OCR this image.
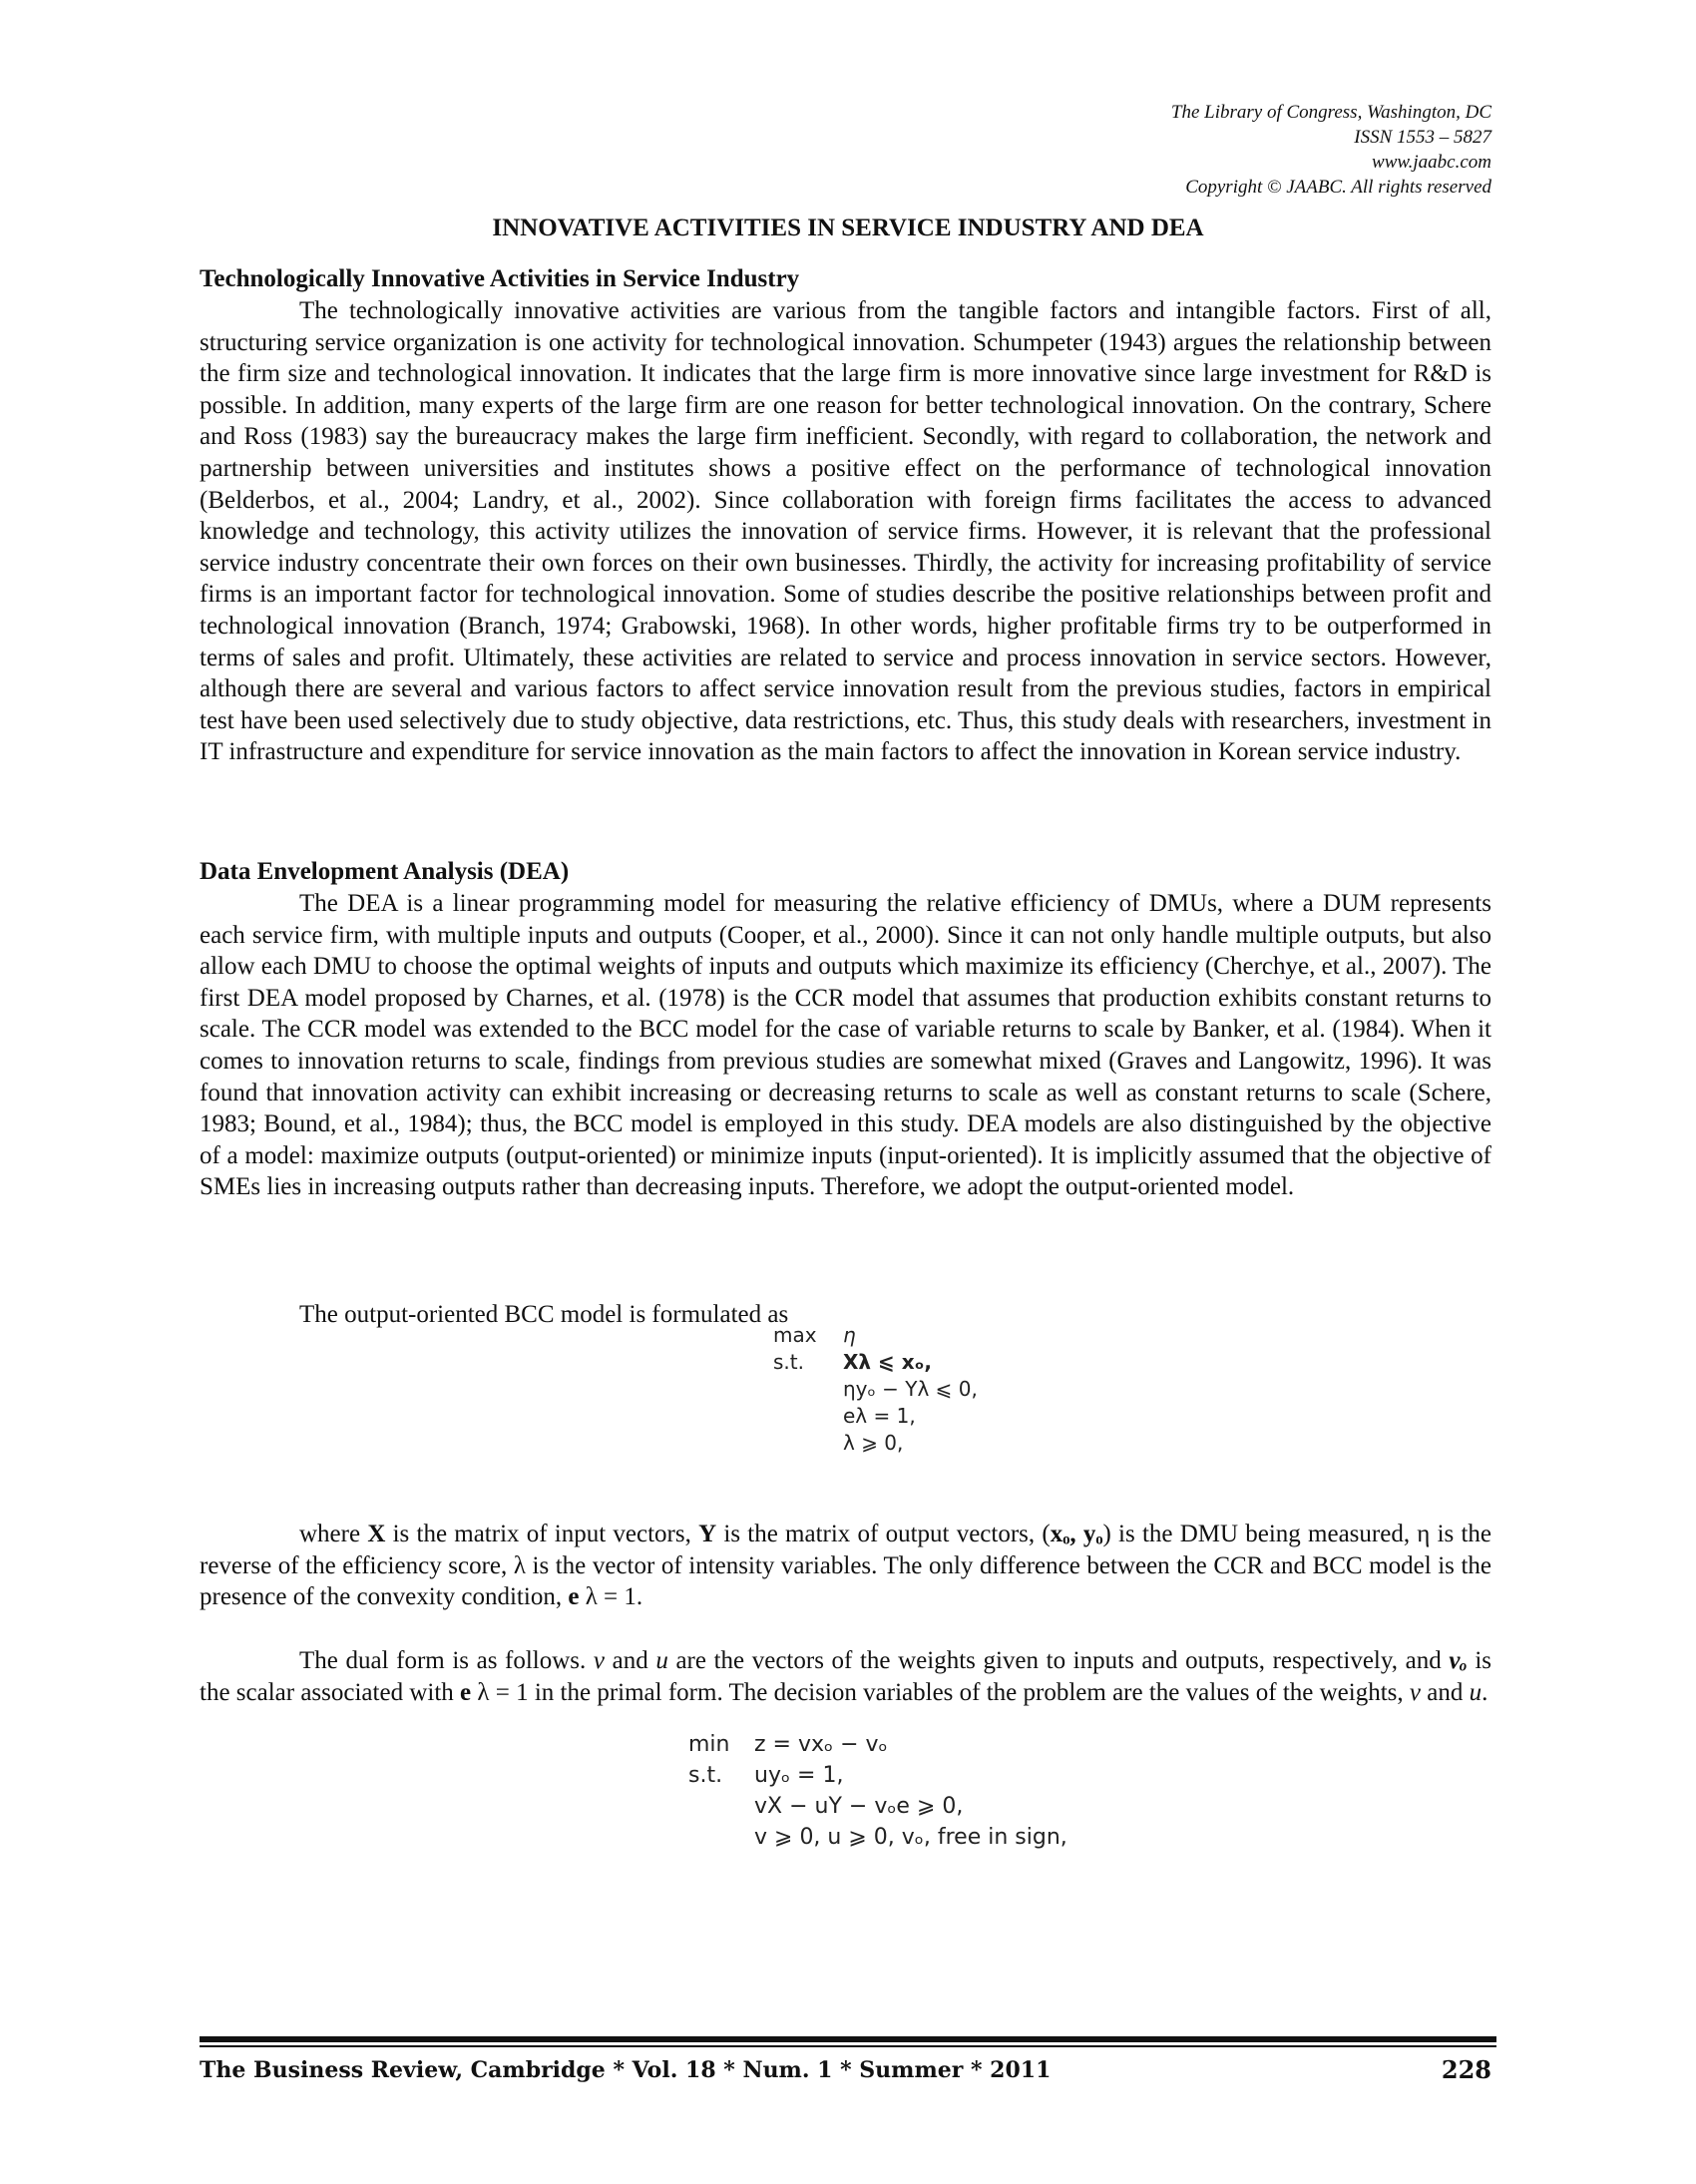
The Library of Congress, Washington, DC
ISSN 1553 – 5827
www.jaabc.com
Copyright © JAABC. All rights reserved
INNOVATIVE ACTIVITIES IN SERVICE INDUSTRY AND DEA
Technologically Innovative Activities in Service Industry

The technologically innovative activities are various from the tangible factors and intangible factors. First of all, structuring service organization is one activity for technological innovation. Schumpeter (1943) argues the relationship between the firm size and technological innovation. It indicates that the large firm is more innovative since large investment for R&D is possible. In addition, many experts of the large firm are one reason for better technological innovation. On the contrary, Schere and Ross (1983) say the bureaucracy makes the large firm inefficient. Secondly, with regard to collaboration, the network and partnership between universities and institutes shows a positive effect on the performance of technological innovation (Belderbos, et al., 2004; Landry, et al., 2002). Since collaboration with foreign firms facilitates the access to advanced knowledge and technology, this activity utilizes the innovation of service firms. However, it is relevant that the professional service industry concentrate their own forces on their own businesses. Thirdly, the activity for increasing profitability of service firms is an important factor for technological innovation. Some of studies describe the positive relationships between profit and technological innovation (Branch, 1974; Grabowski, 1968). In other words, higher profitable firms try to be outperformed in terms of sales and profit. Ultimately, these activities are related to service and process innovation in service sectors. However, although there are several and various factors to affect service innovation result from the previous studies, factors in empirical test have been used selectively due to study objective, data restrictions, etc. Thus, this study deals with researchers, investment in IT infrastructure and expenditure for service innovation as the main factors to affect the innovation in Korean service industry.

Data Envelopment Analysis (DEA)

The DEA is a linear programming model for measuring the relative efficiency of DMUs, where a DUM represents each service firm, with multiple inputs and outputs (Cooper, et al., 2000). Since it can not only handle multiple outputs, but also allow each DMU to choose the optimal weights of inputs and outputs which maximize its efficiency (Cherchye, et al., 2007). The first DEA model proposed by Charnes, et al. (1978) is the CCR model that assumes that production exhibits constant returns to scale. The CCR model was extended to the BCC model for the case of variable returns to scale by Banker, et al. (1984). When it comes to innovation returns to scale, findings from previous studies are somewhat mixed (Graves and Langowitz, 1996). It was found that innovation activity can exhibit increasing or decreasing returns to scale as well as constant returns to scale (Schere, 1983; Bound, et al., 1984); thus, the BCC model is employed in this study. DEA models are also distinguished by the objective of a model: maximize outputs (output-oriented) or minimize inputs (input-oriented). It is implicitly assumed that the objective of SMEs lies in increasing outputs rather than decreasing inputs. Therefore, we adopt the output-oriented model.

The output-oriented BCC model is formulated as

max	η
s.t.	Xλ ⩽ xₒ,
ηyₒ − Yλ ⩽ 0,
eλ = 1,
λ ⩾ 0,

where X is the matrix of input vectors, Y is the matrix of output vectors, (xₒ, yₒ) is the DMU being measured, η is the reverse of the efficiency score, λ is the vector of intensity variables. The only difference between the CCR and BCC model is the presence of the convexity condition, e λ = 1.

The dual form is as follows. v and u are the vectors of the weights given to inputs and outputs, respectively, and vₒ is the scalar associated with e λ = 1 in the primal form. The decision variables of the problem are the values of the weights, v and u.

min	z = vxₒ − vₒ
s.t.	uyₒ = 1,
vX − uY − vₒe ⩾ 0,
v ⩾ 0, u ⩾ 0, vₒ, free in sign,
The Business Review, Cambridge * Vol. 18 * Num. 1 * Summer * 2011	228
